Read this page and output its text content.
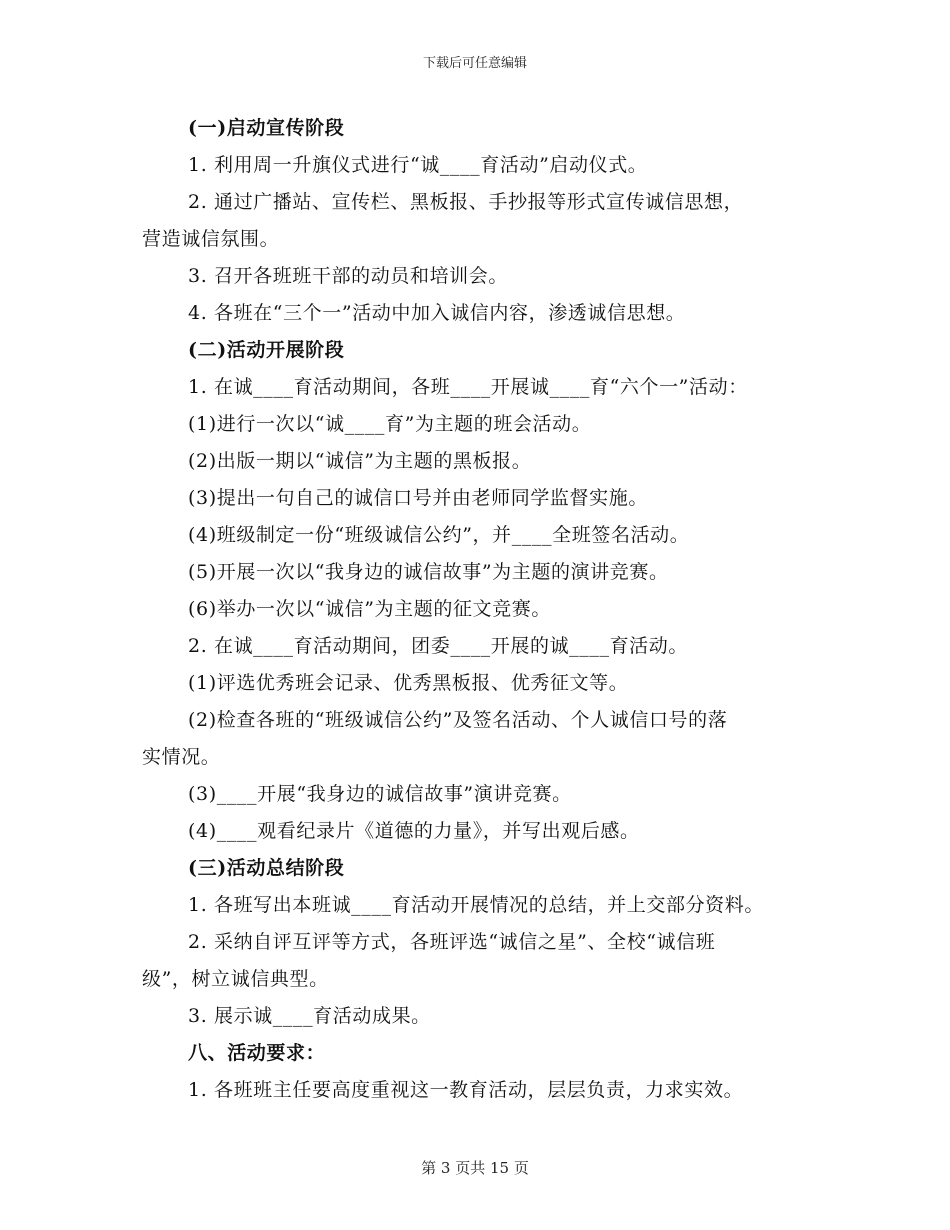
下载后可任意编辑
(一)启动宣传阶段
1. 利用周一升旗仪式进行“诚____育活动”启动仪式。
2. 通过广播站、宣传栏、黑板报、手抄报等形式宣传诚信思想，
营造诚信氛围。
3. 召开各班班干部的动员和培训会。
4. 各班在“三个一”活动中加入诚信内容，渗透诚信思想。
(二)活动开展阶段
1. 在诚____育活动期间，各班____开展诚____育“六个一”活动：
(1)进行一次以“诚____育”为主题的班会活动。
(2)出版一期以“诚信”为主题的黑板报。
(3)提出一句自己的诚信口号并由老师同学监督实施。
(4)班级制定一份“班级诚信公约”，并____全班签名活动。
(5)开展一次以“我身边的诚信故事”为主题的演讲竞赛。
(6)举办一次以“诚信”为主题的征文竞赛。
2. 在诚____育活动期间，团委____开展的诚____育活动。
(1)评选优秀班会记录、优秀黑板报、优秀征文等。
(2)检查各班的“班级诚信公约”及签名活动、个人诚信口号的落
实情况。
(3)____开展“我身边的诚信故事”演讲竞赛。
(4)____观看纪录片《道德的力量》，并写出观后感。
(三)活动总结阶段
1. 各班写出本班诚____育活动开展情况的总结，并上交部分资料。
2. 采纳自评互评等方式，各班评选“诚信之星”、全校“诚信班
级”，树立诚信典型。
3. 展示诚____育活动成果。
八、活动要求：
1. 各班班主任要高度重视这一教育活动，层层负责，力求实效。
第 3 页共 15 页
